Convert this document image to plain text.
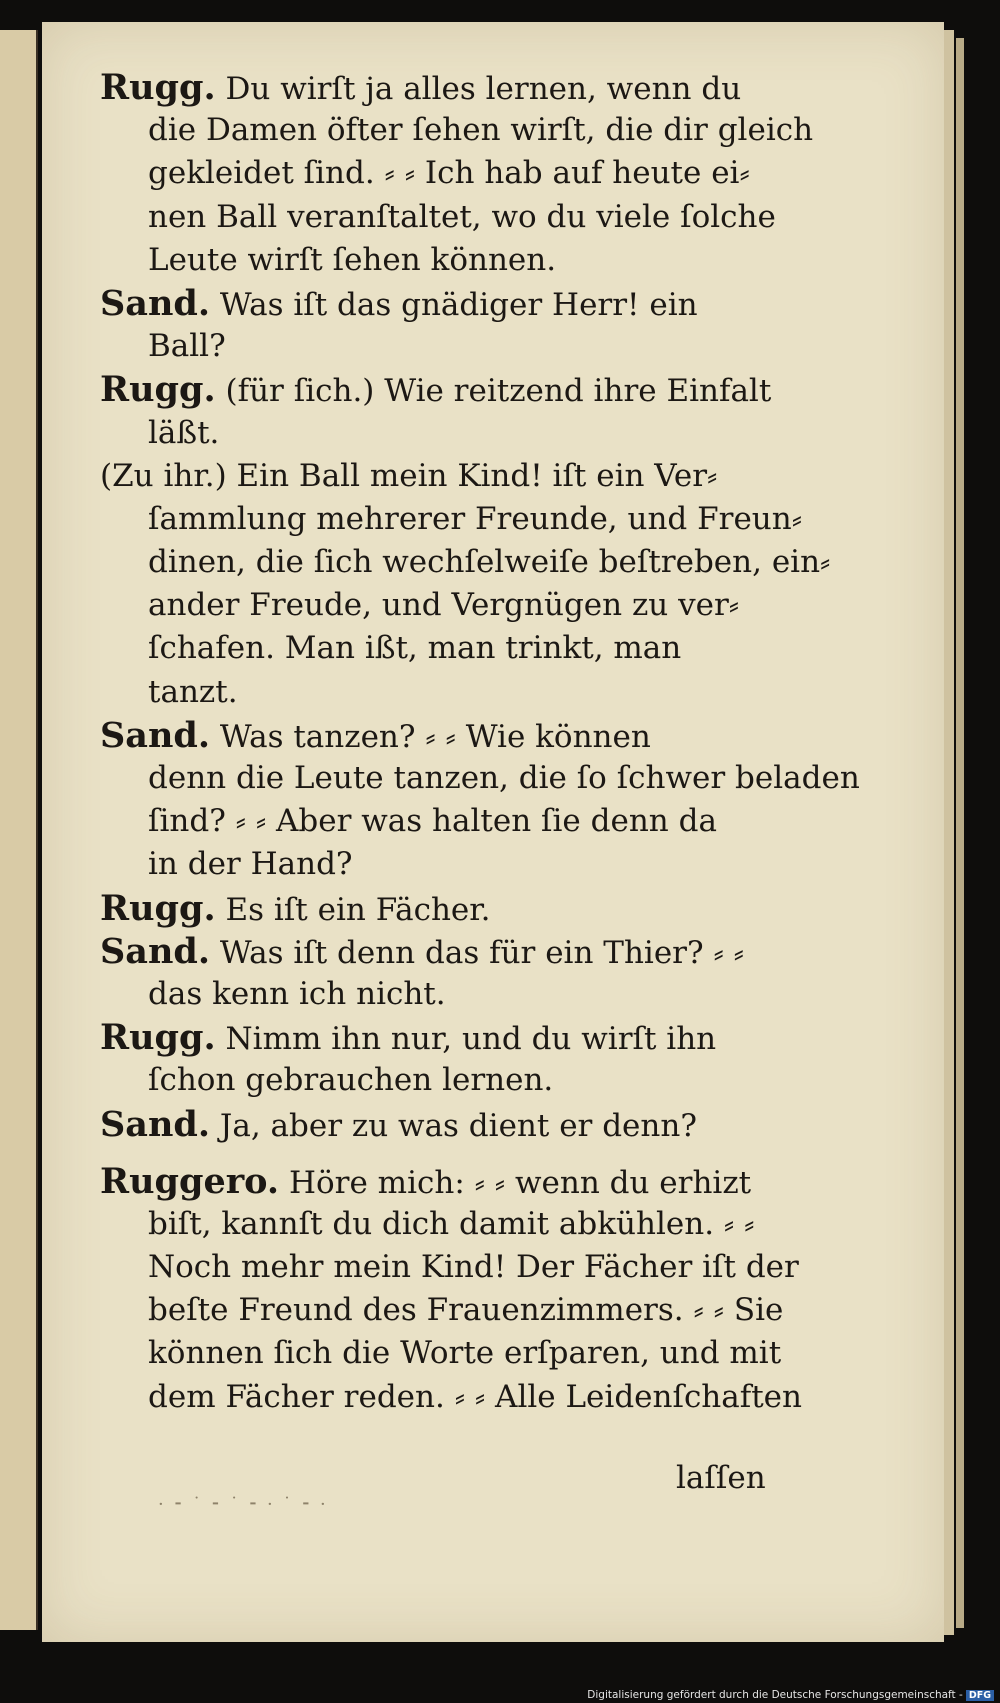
Rugg. Du wirſt ja alles lernen, wenn du
die Damen öfter ſehen wirſt, die dir gleich
gekleidet ſind. ⸗ ⸗ Ich hab auf heute ei⸗
nen Ball veranſtaltet, wo du viele ſolche
Leute wirſt ſehen können.
Sand. Was iſt das gnädiger Herr! ein
Ball?
Rugg. (für ſich.) Wie reitzend ihre Einfalt
läßt.
(Zu ihr.) Ein Ball mein Kind! iſt ein Ver⸗
ſammlung mehrerer Freunde, und Freun⸗
dinen, die ſich wechſelweiſe beſtreben, ein⸗
ander Freude, und Vergnügen zu ver⸗
ſchafen. Man ißt, man trinkt, man
tanzt.
Sand. Was tanzen? ⸗ ⸗ Wie können
denn die Leute tanzen, die ſo ſchwer beladen
ſind? ⸗ ⸗ Aber was halten ſie denn da
in der Hand?
Rugg. Es iſt ein Fächer.
Sand. Was iſt denn das für ein Thier? ⸗ ⸗
das kenn ich nicht.
Rugg. Nimm ihn nur, und du wirſt ihn
ſchon gebrauchen lernen.
Sand. Ja, aber zu was dient er denn?
Ruggero. Höre mich: ⸗ ⸗ wenn du erhizt
biſt, kannſt du dich damit abkühlen. ⸗ ⸗
Noch mehr mein Kind! Der Fächer iſt der
beſte Freund des Frauenzimmers. ⸗ ⸗ Sie
können ſich die Worte erſparen, und mit
dem Fächer reden. ⸗ ⸗ Alle Leidenſchaften
laſſen
· ⁃ ˙ ⁃ ˙ ⁃ · ˙ ⁃ ·
Digitalisierung gefördert durch die Deutsche Forschungsgemeinschaft - DFG
